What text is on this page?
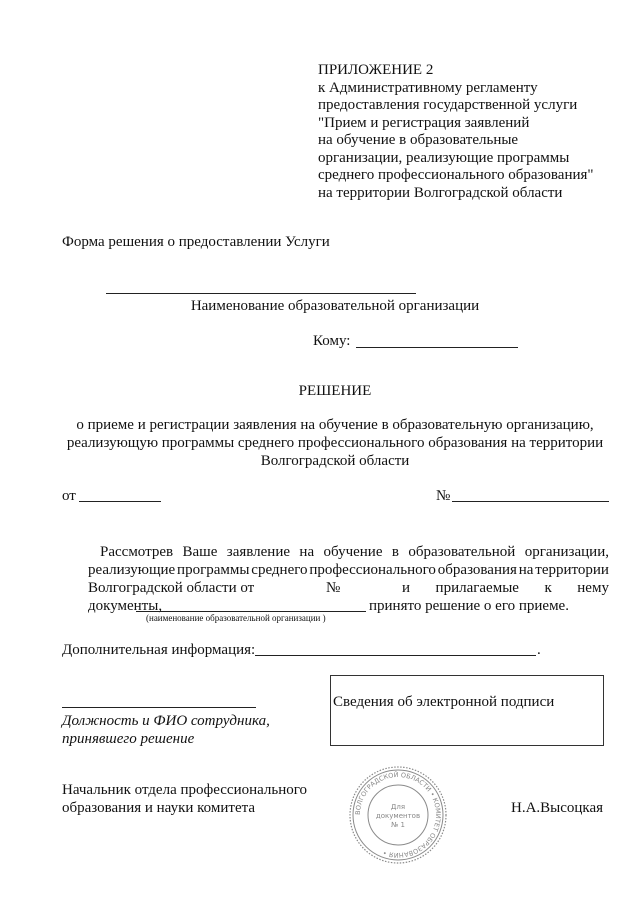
ПРИЛОЖЕНИЕ 2
к Административному регламенту
предоставления государственной услуги
"Прием и регистрация заявлений
на обучение в образовательные
организации, реализующие программы
среднего профессионального образования"
на территории Волгоградской области
Форма решения о предоставлении Услуги
Наименование образовательной организации
Кому:
РЕШЕНИЕ
о приеме и регистрации заявления на обучение в образовательную организацию,
реализующую программы среднего профессионального образования на территории
Волгоградской области
от	№
Рассмотрев Ваше заявление на обучение в образовательной организации,
реализующие программы среднего профессионального образования на территории
Волгоградской области от	№	и прилагаемые к нему
документы,	принято решение о его приеме.
(наименование образовательной организации )
Дополнительная информация:	.
Должность и ФИО сотрудника,
принявшего решение
Сведения об электронной подписи
Начальник отдела профессионального
образования и науки комитета	Н.А.Высоцкая
ВОЛГОГРАДСКОЙ ОБЛАСТИ • КОМИТЕТ ОБРАЗОВАНИЯ •
Для
документов
№ 1
